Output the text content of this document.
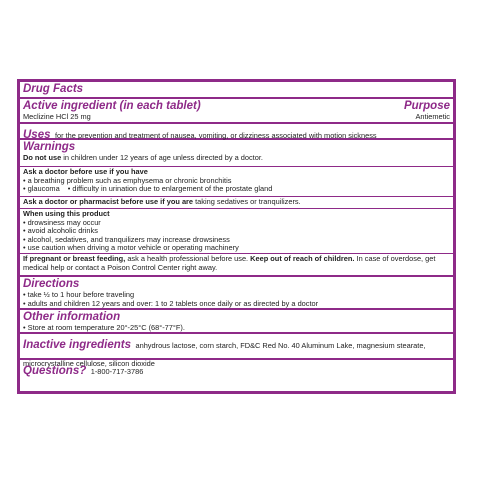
Drug Facts
Active ingredient (in each tablet)	Purpose
Meclizine HCl 25 mg	Antiemetic
Uses for the prevention and treatment of nausea, vomiting, or dizziness associated with motion sickness
Warnings
Do not use in children under 12 years of age unless directed by a doctor.
Ask a doctor before use if you have
• a breathing problem such as emphysema or chronic bronchitis
• glaucoma
•	difficulty in urination due to enlargement of the prostate gland
Ask a doctor or pharmacist before use if you are taking sedatives or tranquilizers.
When using this product
• drowsiness may occur
• avoid alcoholic drinks
• alcohol, sedatives, and tranquilizers may increase drowsiness
• use caution when driving a motor vehicle or operating machinery
If pregnant or breast feeding, ask a health professional before use. Keep out of reach of children. In case of overdose, get medical help or contact a Poison Control Center right away.
Directions
• take ½ to 1 hour before traveling
• adults and children 12 years and over: 1 to 2 tablets once daily or as directed by a doctor
Other information
• Store at room temperature 20°-25°C (68°-77°F).
Inactive ingredients anhydrous lactose, corn starch, FD&C Red No. 40 Aluminum Lake, magnesium stearate, microcrystalline cellulose, silicon dioxide
Questions? 1-800-717-3786
